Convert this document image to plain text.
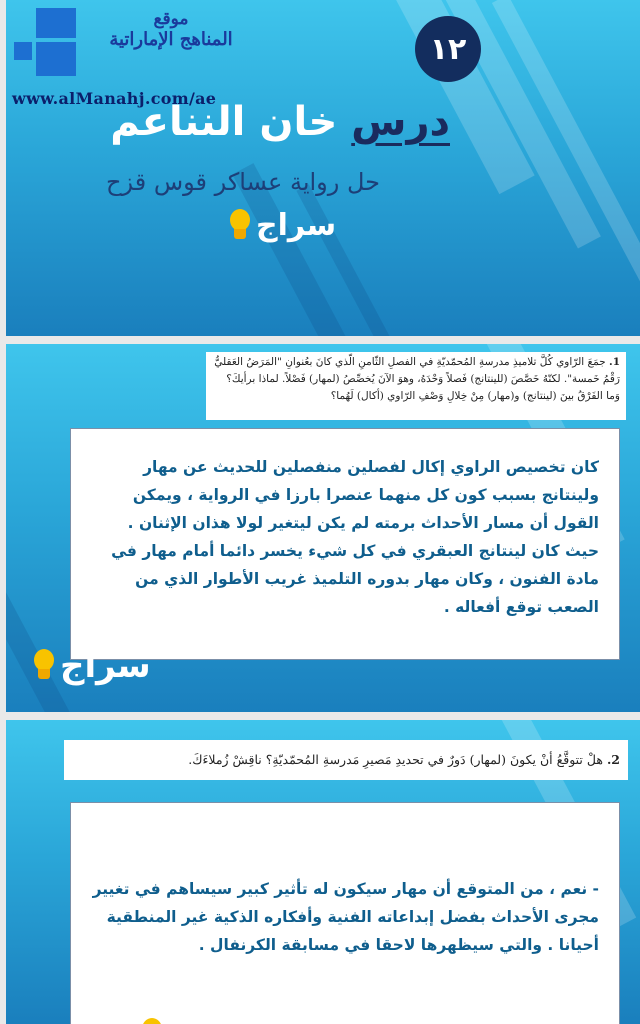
موقع
المناهج الإماراتية
www.alManahj.com/ae
١٢
درس خان النناعم
حل رواية عساكر قوس قزح
سراج
1. جمَعَ الرّاوي كُلَّ تلاميذِ مدرسةِ المُحمّديّةِ في الفصلِ الثّامنِ الّذي كانَ بعُنوانِ "المَرَضُ العَقليُّ رَقْمُ خَمسة". لكنّهُ خَصَّصَ (للينتانج) فَصلاً وَحْدَهُ، وهوَ الآنَ يُخصِّصُ (لمهار) فَصْلاً. لماذا برأيكَ؟ وَما الفَرْقُ بينَ (لينتانج) و(مهار) مِنْ خِلالِ وَصْفِ الرّاوي (أكال) لَهُما؟
كان تخصيص الراوي إكال لفصلين منفصلين للحديث عن مهار ولينتانج بسبب كون كل منهما عنصرا بارزا في الرواية ، ويمكن القول أن مسار الأحداث برمته لم يكن ليتغير لولا هذان الإثنان . حيث كان لينتانج العبقري في كل شيء يخسر دائما أمام مهار في مادة الفنون ، وكان مهار بدوره التلميذ غريب الأطوار الذي من الصعب توقع أفعاله .
سراج
2. هلْ تتوقَّعُ أنْ يكونَ (لمهار) دَورٌ في تحديدِ مَصيرِ مَدرسةِ المُحمّديّةِ؟ ناقِشْ زُملاءَكَ.
- نعم ، من المتوقع أن مهار سيكون له تأثير كبير سيساهم في تغيير مجرى الأحداث بفضل إبداعاته الفنية وأفكاره الذكية غير المنطقية أحيانا . والتي سيظهرها لاحقا في مسابقة الكرنفال .
